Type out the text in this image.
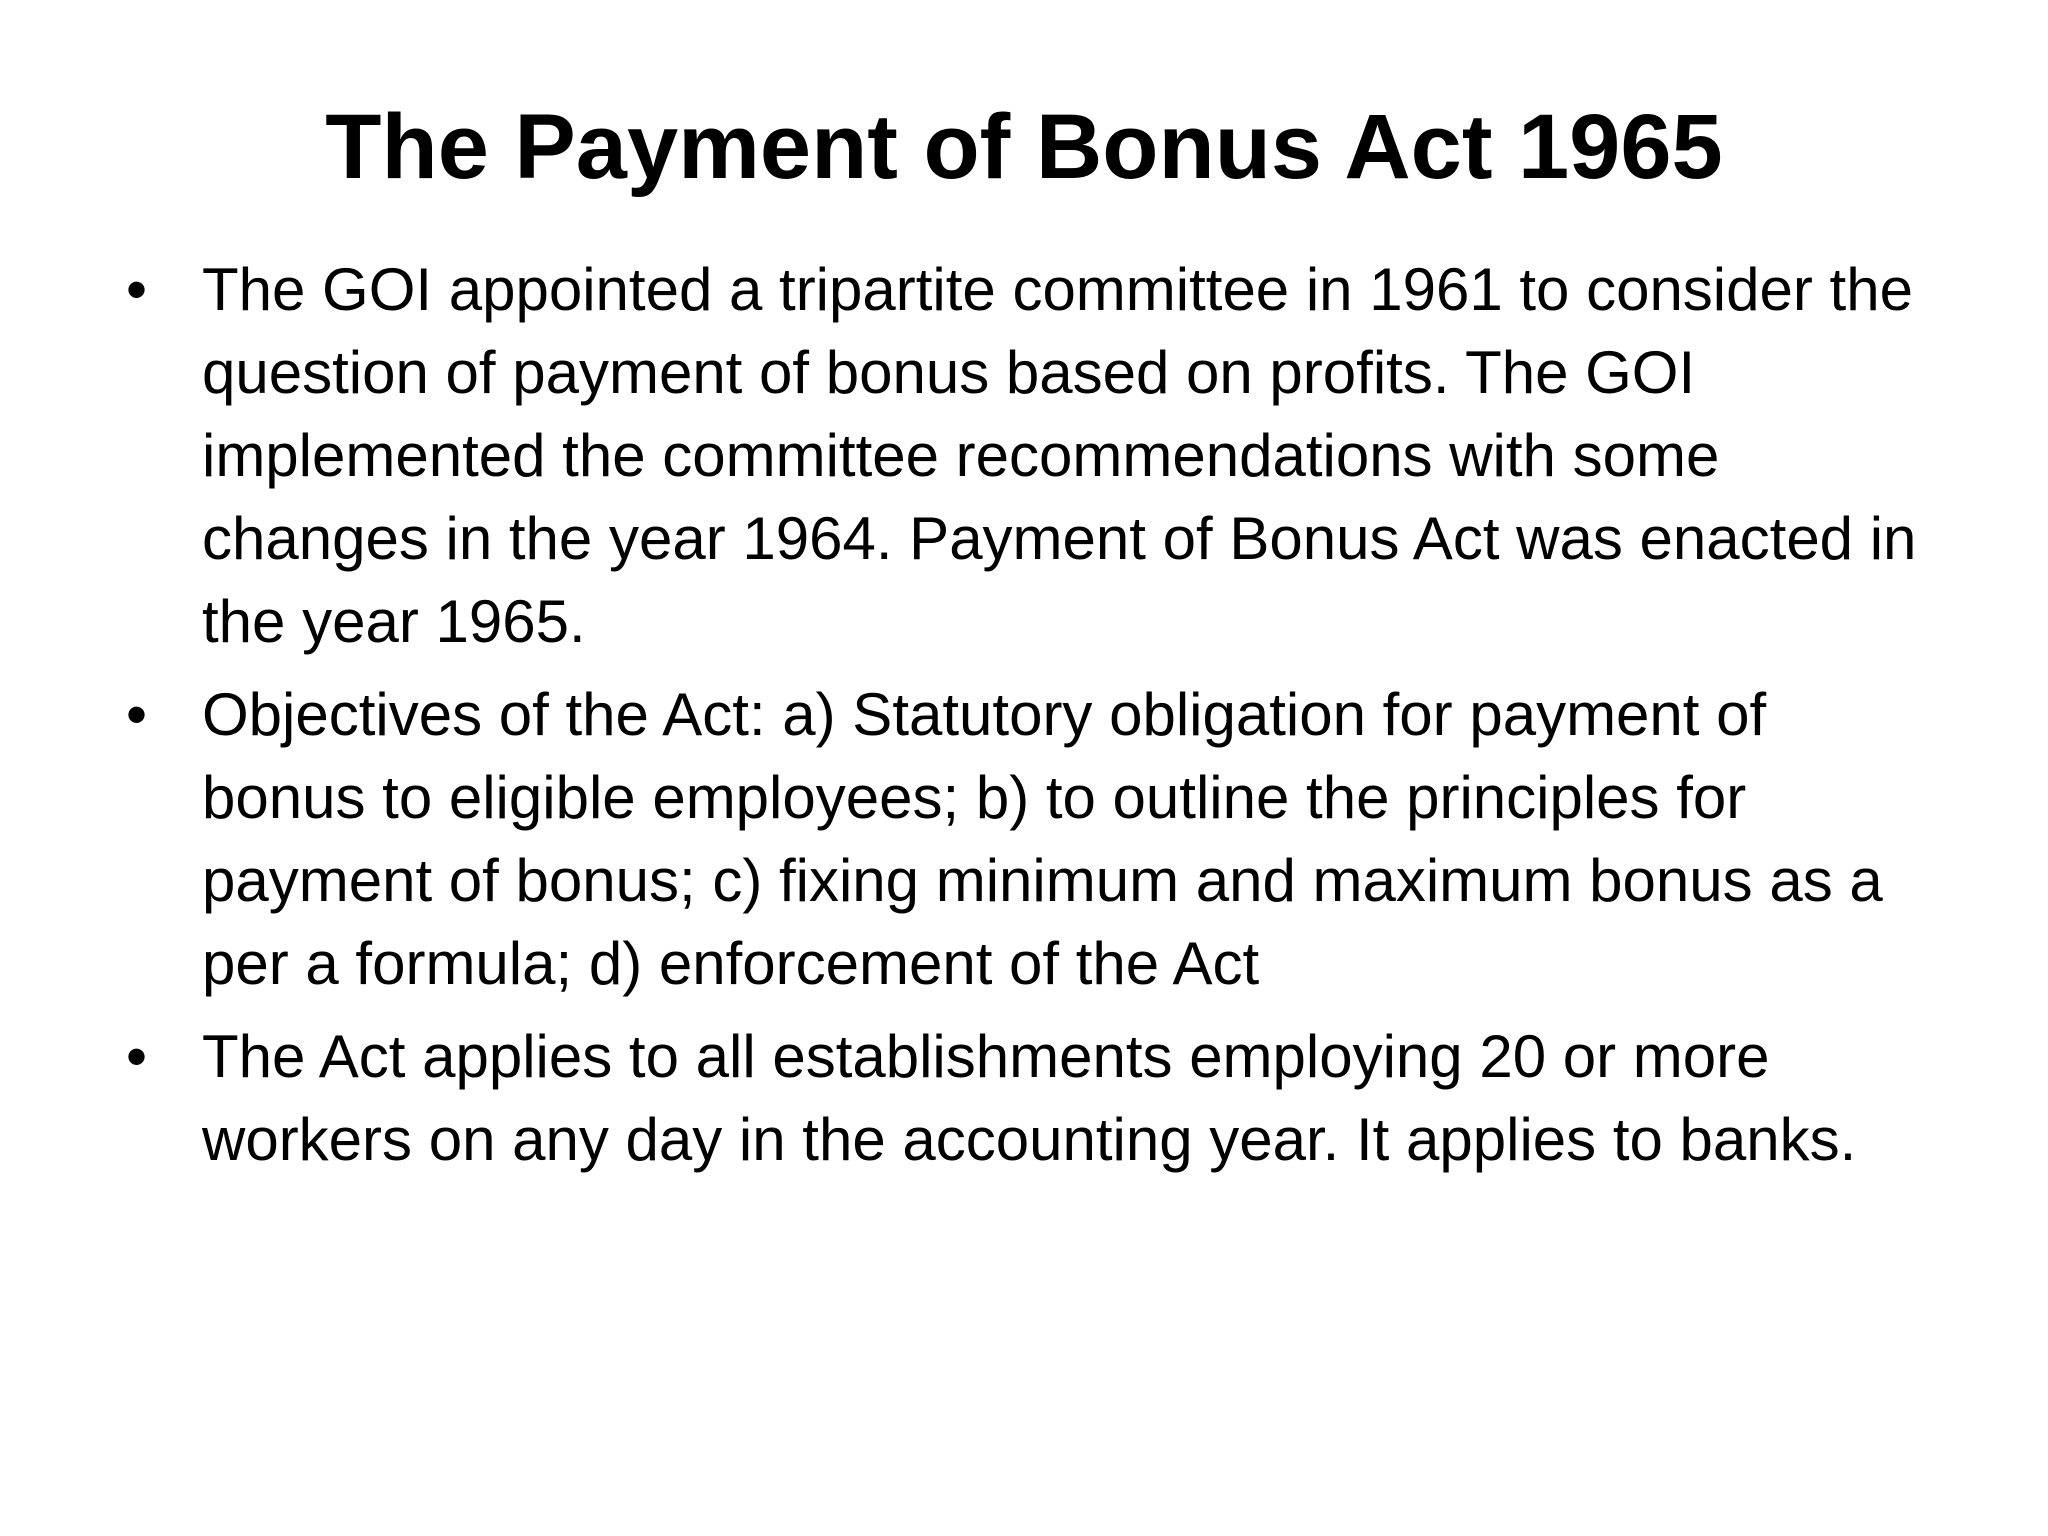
The Payment of Bonus Act 1965
• The GOI appointed a tripartite committee in 1961 to consider the question of payment of bonus based on profits. The GOI implemented the committee recommendations with some changes in the year 1964. Payment of Bonus Act was enacted in the year 1965.
• Objectives of the Act: a) Statutory obligation for payment of bonus to eligible employees; b) to outline the principles for payment of bonus; c) fixing minimum and maximum bonus as a per a formula; d) enforcement of the Act
• The Act applies to all establishments employing 20 or more workers on any day in the accounting year. It applies to banks.
